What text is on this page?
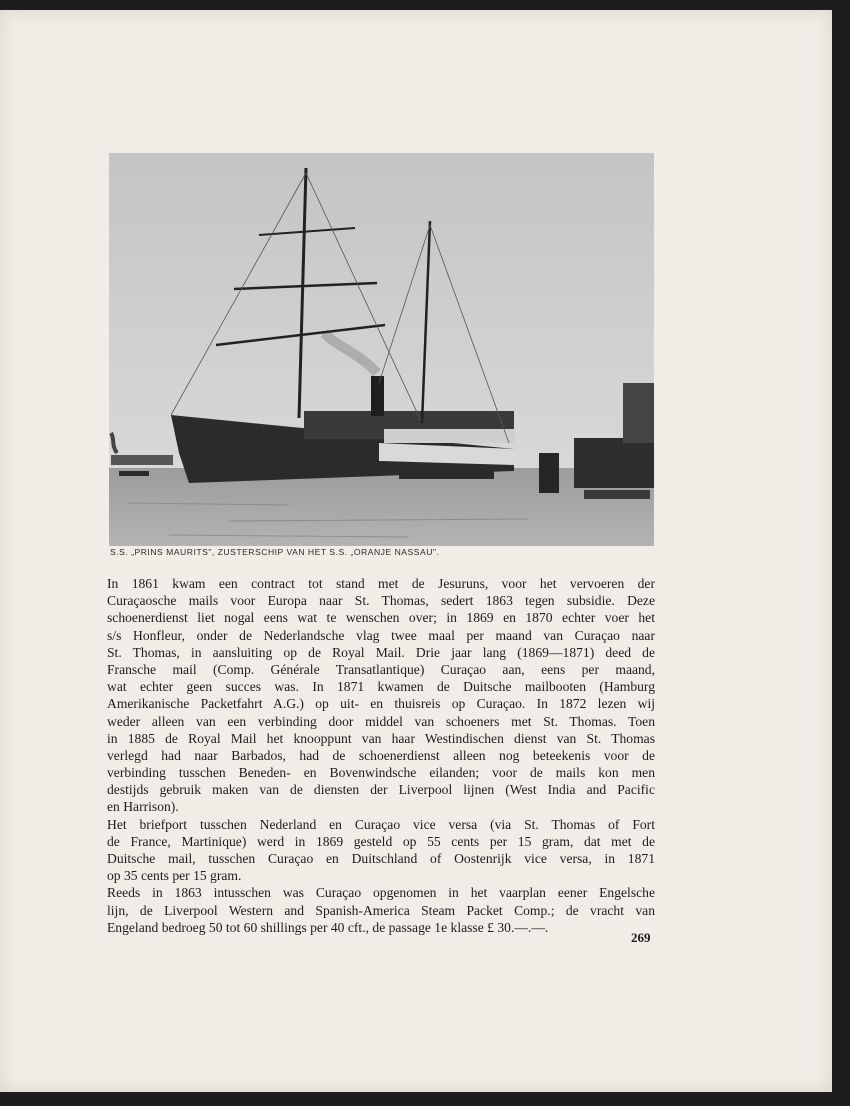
S.S. „PRINS MAURITS", ZUSTERSCHIP VAN HET S.S. „ORANJE NASSAU".
In 1861 kwam een contract tot stand met de Jesuruns, voor het vervoeren der
Curaçaosche mails voor Europa naar St. Thomas, sedert 1863 tegen subsidie. Deze
schoenerdienst liet nogal eens wat te wenschen over; in 1869 en 1870 echter voer het
s/s Honfleur, onder de Nederlandsche vlag twee maal per maand van Curaçao naar
St. Thomas, in aansluiting op de Royal Mail. Drie jaar lang (1869—1871) deed de
Fransche mail (Comp. Générale Transatlantique) Curaçao aan, eens per maand,
wat echter geen succes was. In 1871 kwamen de Duitsche mailbooten (Hamburg
Amerikanische Packetfahrt A.G.) op uit- en thuisreis op Curaçao. In 1872 lezen wij
weder alleen van een verbinding door middel van schoeners met St. Thomas. Toen
in 1885 de Royal Mail het knooppunt van haar Westindischen dienst van St. Thomas
verlegd had naar Barbados, had de schoenerdienst alleen nog beteekenis voor de
verbinding tusschen Beneden- en Bovenwindsche eilanden; voor de mails kon men
destijds gebruik maken van de diensten der Liverpool lijnen (West India and Pacific
en Harrison).
Het briefport tusschen Nederland en Curaçao vice versa (via St. Thomas of Fort
de France, Martinique) werd in 1869 gesteld op 55 cents per 15 gram, dat met de
Duitsche mail, tusschen Curaçao en Duitschland of Oostenrijk vice versa, in 1871
op 35 cents per 15 gram.
Reeds in 1863 intusschen was Curaçao opgenomen in het vaarplan eener Engelsche
lijn, de Liverpool Western and Spanish-America Steam Packet Comp.; de vracht van
Engeland bedroeg 50 tot 60 shillings per 40 cft., de passage 1e klasse £ 30.—.—.
269
